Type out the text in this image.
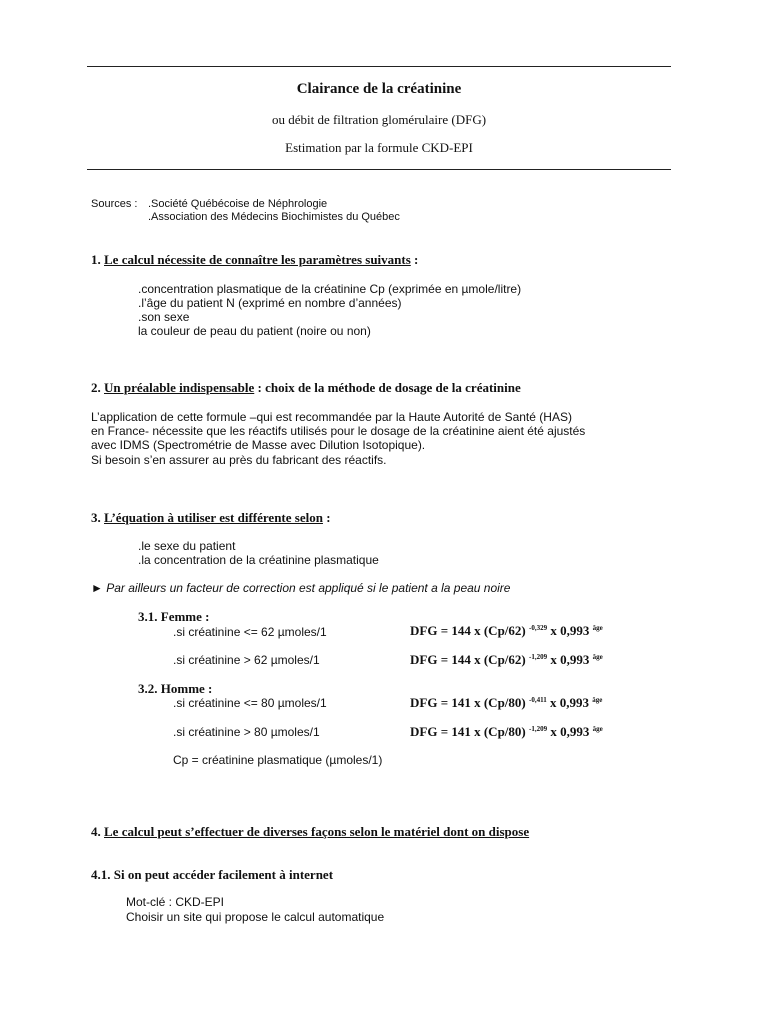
Clairance de la créatinine
ou débit de filtration glomérulaire (DFG)
Estimation par la formule CKD-EPI
Sources : .Société Québécoise de Néphrologie
.Association des Médecins Biochimistes du Québec
1. Le calcul nécessite de connaître les paramètres suivants :
.concentration plasmatique de la créatinine Cp (exprimée en µmole/litre)
.l’âge du patient N (exprimé en nombre d’années)
.son sexe
la couleur de peau du patient (noire ou non)
2. Un préalable indispensable : choix de la méthode de dosage de la créatinine
L’application de cette formule –qui est recommandée par la Haute Autorité de Santé (HAS)
en France- nécessite que les réactifs utilisés pour le dosage de la créatinine aient été ajustés
avec IDMS (Spectrométrie de Masse avec Dilution Isotopique).
Si besoin s’en assurer au près du fabricant des réactifs.
3. L’équation à utiliser est différente selon :
.le sexe du patient
.la concentration de la créatinine plasmatique
► Par ailleurs un facteur de correction est appliqué si le patient a la peau noire
3.1. Femme :
.si créatinine <= 62 µmoles/1	DFG = 144 x (Cp/62) $^{-0,329}$ x 0,993 $^{âge}$
.si créatinine > 62 µmoles/1	DFG = 144 x (Cp/62) $^{-1,209}$ x 0,993 $^{âge}$
3.2. Homme :
.si créatinine <= 80 µmoles/1	DFG = 141 x (Cp/80) $^{-0,411}$ x 0,993 $^{âge}$
.si créatinine > 80 µmoles/1	DFG = 141 x (Cp/80) $^{-1,209}$ x 0,993 $^{âge}$
Cp = créatinine plasmatique (µmoles/1)
4. Le calcul peut s’effectuer de diverses façons selon le matériel dont on dispose
4.1. Si on peut accéder facilement à internet
Mot-clé : CKD-EPI
Choisir un site qui propose le calcul automatique
